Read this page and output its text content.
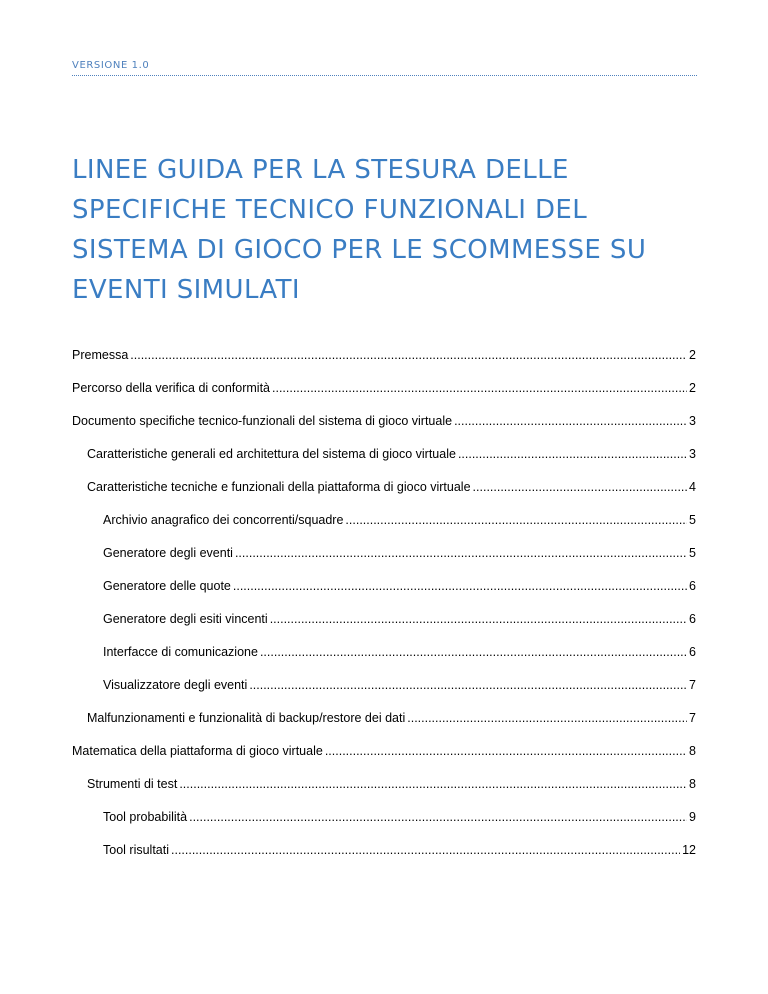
VERSIONE 1.0
LINEE GUIDA PER LA STESURA DELLE
SPECIFICHE TECNICO FUNZIONALI DEL
SISTEMA DI GIOCO PER LE SCOMMESSE SU
EVENTI SIMULATI
Premessa .....	2
Percorso della verifica di conformità .....	2
Documento specifiche tecnico-funzionali del sistema di gioco virtuale .....	3
Caratteristiche generali ed architettura del sistema di gioco virtuale .....	3
Caratteristiche tecniche e funzionali della piattaforma di gioco virtuale .....	4
Archivio anagrafico dei concorrenti/squadre .....	5
Generatore degli eventi .....	5
Generatore delle quote .....	6
Generatore degli esiti vincenti .....	6
Interfacce di comunicazione .....	6
Visualizzatore degli eventi .....	7
Malfunzionamenti e funzionalità di backup/restore dei dati .....	7
Matematica della piattaforma di gioco virtuale .....	8
Strumenti di test .....	8
Tool probabilità .....	9
Tool risultati .....	12
